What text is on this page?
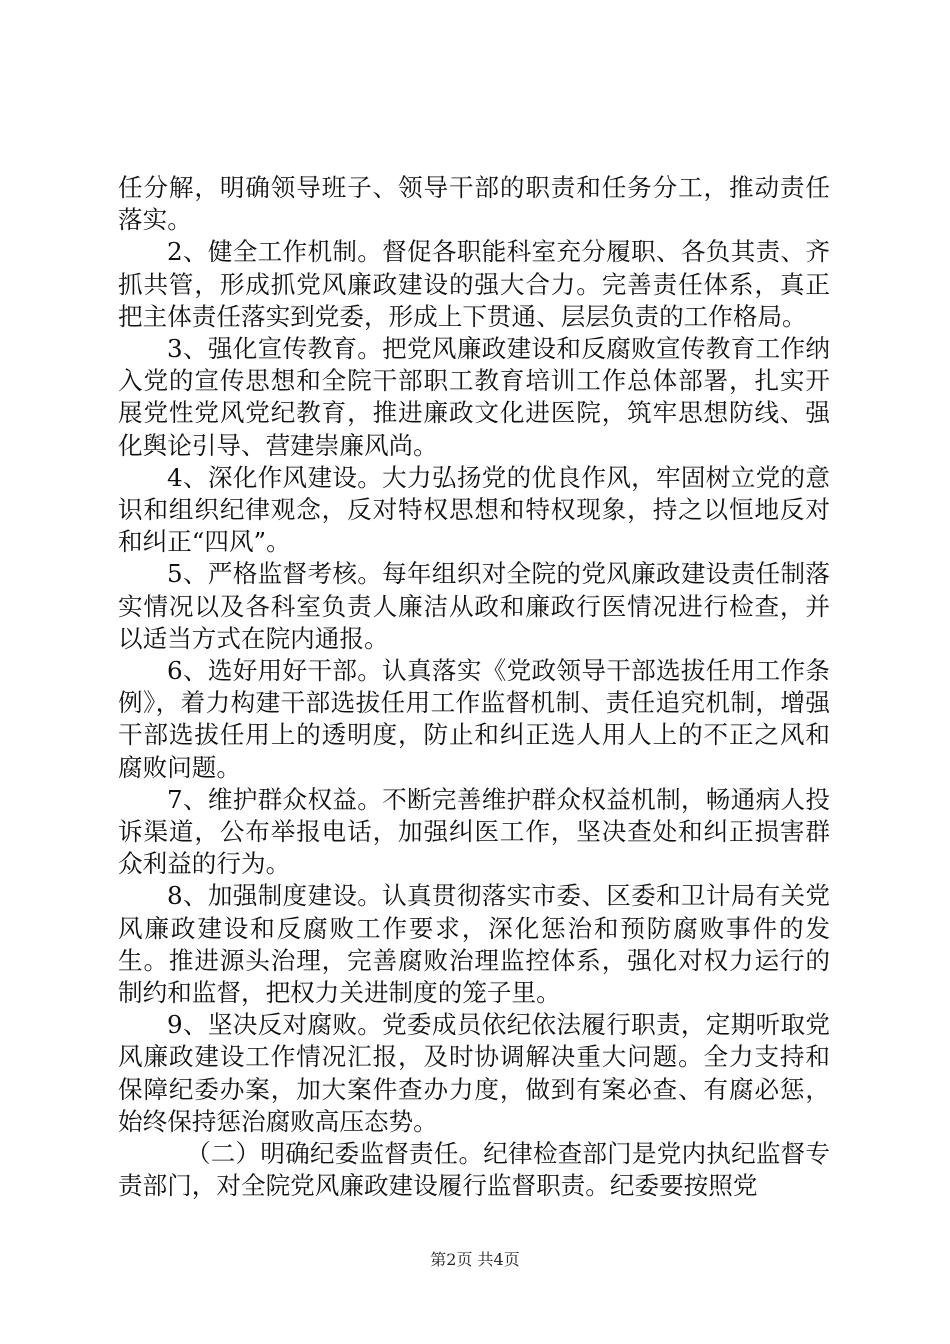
任分解，明确领导班子、领导干部的职责和任务分工，推动责任落实。

2、健全工作机制。督促各职能科室充分履职、各负其责、齐抓共管，形成抓党风廉政建设的强大合力。完善责任体系，真正把主体责任落实到党委，形成上下贯通、层层负责的工作格局。

3、强化宣传教育。把党风廉政建设和反腐败宣传教育工作纳入党的宣传思想和全院干部职工教育培训工作总体部署，扎实开展党性党风党纪教育，推进廉政文化进医院，筑牢思想防线、强化舆论引导、营建崇廉风尚。

4、深化作风建设。大力弘扬党的优良作风，牢固树立党的意识和组织纪律观念，反对特权思想和特权现象，持之以恒地反对和纠正“四风”。

5、严格监督考核。每年组织对全院的党风廉政建设责任制落实情况以及各科室负责人廉洁从政和廉政行医情况进行检查，并以适当方式在院内通报。

6、选好用好干部。认真落实《党政领导干部选拔任用工作条例》，着力构建干部选拔任用工作监督机制、责任追究机制，增强干部选拔任用上的透明度，防止和纠正选人用人上的不正之风和腐败问题。

7、维护群众权益。不断完善维护群众权益机制，畅通病人投诉渠道，公布举报电话，加强纠医工作，坚决查处和纠正损害群众利益的行为。

8、加强制度建设。认真贯彻落实市委、区委和卫计局有关党风廉政建设和反腐败工作要求，深化惩治和预防腐败事件的发生。推进源头治理，完善腐败治理监控体系，强化对权力运行的制约和监督，把权力关进制度的笼子里。

9、坚决反对腐败。党委成员依纪依法履行职责，定期听取党风廉政建设工作情况汇报，及时协调解决重大问题。全力支持和保障纪委办案，加大案件查办力度，做到有案必查、有腐必惩，始终保持惩治腐败高压态势。

（二）明确纪委监督责任。纪律检查部门是党内执纪监督专责部门，对全院党风廉政建设履行监督职责。纪委要按照党

第2页 共4页
